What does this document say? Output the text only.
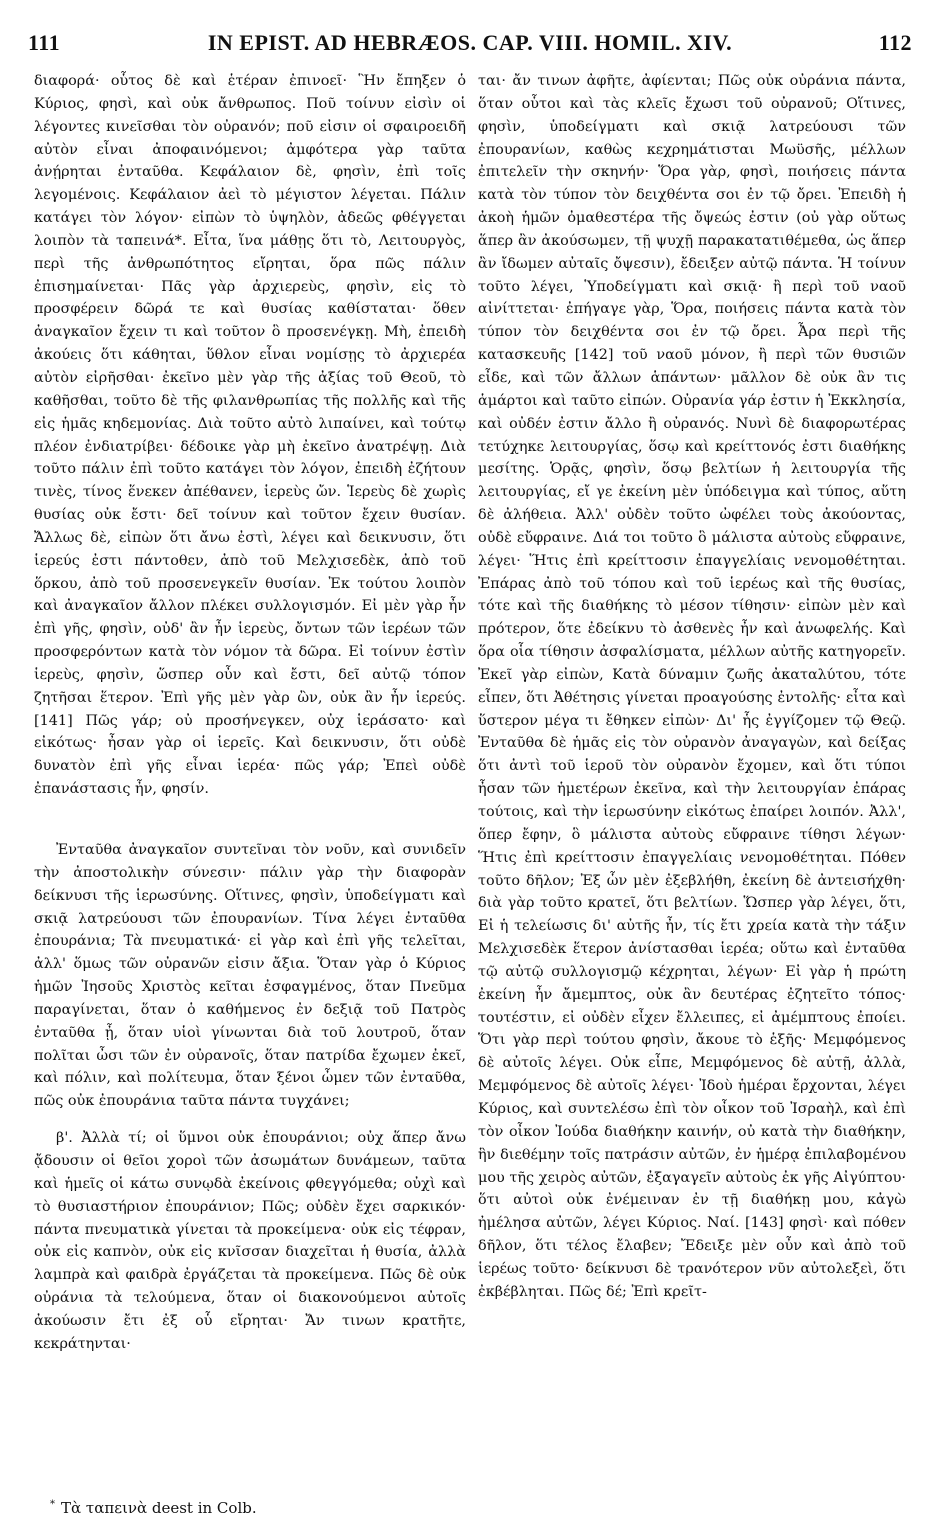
111	IN EPIST. AD HEBRÆOS. CAP. VIII. HOMIL. XIV.	112

διαφορά· οὗτος δὲ καὶ ἑτέραν ἐπινοεῖ· Ἣν ἔπηξεν ὁ Κύριος, φησὶ, καὶ οὐκ ἄνθρωπος. Ποῦ τοίνυν εἰσὶν οἱ λέγοντες κινεῖσθαι τὸν οὐρανόν; ποῦ εἰσιν οἱ σφαιροειδῆ αὐτὸν εἶναι ἀποφαινόμενοι; ἀμφότερα γὰρ ταῦτα ἀνῄρηται ἐνταῦθα. Κεφάλαιον δὲ, φησὶν, ἐπὶ τοῖς λεγομένοις. Κεφάλαιον ἀεὶ τὸ μέγιστον λέγεται. Πάλιν κατάγει τὸν λόγον· εἰπὼν τὸ ὑψηλὸν, ἀδεῶς φθέγγεται λοιπὸν τὰ ταπεινά*. Εἶτα, ἵνα μάθῃς ὅτι τὸ, Λειτουργὸς, περὶ τῆς ἀνθρωπότητος εἴρηται, ὅρα πῶς πάλιν ἐπισημαίνεται· Πᾶς γὰρ ἀρχιερεὺς, φησὶν, εἰς τὸ προσφέρειν δῶρά τε καὶ θυσίας καθίσταται· ὅθεν ἀναγκαῖον ἔχειν τι καὶ τοῦτον ὃ προσενέγκῃ. Μὴ, ἐπειδὴ ἀκούεις ὅτι κάθηται, ὕθλον εἶναι νομίσῃς τὸ ἀρχιερέα αὐτὸν εἰρῆσθαι· ἐκεῖνο μὲν γὰρ τῆς ἀξίας τοῦ Θεοῦ, τὸ καθῆσθαι, τοῦτο δὲ τῆς φιλανθρωπίας τῆς πολλῆς καὶ τῆς εἰς ἡμᾶς κηδεμονίας. Διὰ τοῦτο αὐτὸ λιπαίνει, καὶ τούτῳ πλέον ἐνδιατρίβει· δέδοικε γὰρ μὴ ἐκεῖνο ἀνατρέψῃ. Διὰ τοῦτο πάλιν ἐπὶ τοῦτο κατάγει τὸν λόγον, ἐπειδὴ ἐζήτουν τινὲς, τίνος ἕνεκεν ἀπέθανεν, ἱερεὺς ὤν. Ἱερεὺς δὲ χωρὶς θυσίας οὐκ ἔστι· δεῖ τοίνυν καὶ τοῦτον ἔχειν θυσίαν. Ἄλλως δὲ, εἰπὼν ὅτι ἄνω ἐστὶ, λέγει καὶ δεικνυσιν, ὅτι ἱερεύς ἐστι πάντοθεν, ἀπὸ τοῦ Μελχισεδὲκ, ἀπὸ τοῦ ὅρκου, ἀπὸ τοῦ προσενεγκεῖν θυσίαν. Ἐκ τούτου λοιπὸν καὶ ἀναγκαῖον ἄλλον πλέκει συλλογισμόν. Εἰ μὲν γὰρ ἦν ἐπὶ γῆς, φησὶν, οὐδ' ἂν ἦν ἱερεὺς, ὄντων τῶν ἱερέων τῶν προσφερόντων κατὰ τὸν νόμον τὰ δῶρα. Εἰ τοίνυν ἐστὶν ἱερεὺς, φησὶν, ὥσπερ οὖν καὶ ἔστι, δεῖ αὐτῷ τόπον ζητῆσαι ἕτερον. Ἐπὶ γῆς μὲν γὰρ ὢν, οὐκ ἂν ἦν ἱερεύς. [141] Πῶς γάρ; οὐ προσήνεγκεν, οὐχ ἱεράσατο· καὶ εἰκότως· ἦσαν γὰρ οἱ ἱερεῖς. Καὶ δεικνυσιν, ὅτι οὐδὲ δυνατὸν ἐπὶ γῆς εἶναι ἱερέα· πῶς γάρ; Ἐπεὶ οὐδὲ ἐπανάστασις ἦν, φησίν.

Ἐνταῦθα ἀναγκαῖον συντεῖναι τὸν νοῦν, καὶ συνιδεῖν τὴν ἀποστολικὴν σύνεσιν· πάλιν γὰρ τὴν διαφορὰν δείκνυσι τῆς ἱερωσύνης. Οἵτινες, φησὶν, ὑποδείγματι καὶ σκιᾷ λατρεύουσι τῶν ἐπουρανίων. Τίνα λέγει ἐνταῦθα ἐπουράνια; Τὰ πνευματικά· εἰ γὰρ καὶ ἐπὶ γῆς τελεῖται, ἀλλ' ὅμως τῶν οὐρανῶν εἰσιν ἄξια. Ὅταν γὰρ ὁ Κύριος ἡμῶν Ἰησοῦς Χριστὸς κεῖται ἐσφαγμένος, ὅταν Πνεῦμα παραγίνεται, ὅταν ὁ καθήμενος ἐν δεξιᾷ τοῦ Πατρὸς ἐνταῦθα ᾖ, ὅταν υἱοὶ γίνωνται διὰ τοῦ λουτροῦ, ὅταν πολῖται ὦσι τῶν ἐν οὐρανοῖς, ὅταν πατρίδα ἔχωμεν ἐκεῖ, καὶ πόλιν, καὶ πολίτευμα, ὅταν ξένοι ὦμεν τῶν ἐνταῦθα, πῶς οὐκ ἐπουράνια ταῦτα πάντα τυγχάνει;

β'. Ἀλλὰ τί; οἱ ὕμνοι οὐκ ἐπουράνιοι; οὐχ ἅπερ ἄνω ᾄδουσιν οἱ θεῖοι χοροὶ τῶν ἀσωμάτων δυνάμεων, ταῦτα καὶ ἡμεῖς οἱ κάτω συνῳδὰ ἐκείνοις φθεγγόμεθα; οὐχὶ καὶ τὸ θυσιαστήριον ἐπουράνιον; Πῶς; οὐδὲν ἔχει σαρκικόν· πάντα πνευματικὰ γίνεται τὰ προκείμενα· οὐκ εἰς τέφραν, οὐκ εἰς καπνὸν, οὐκ εἰς κνῖσσαν διαχεῖται ἡ θυσία, ἀλλὰ λαμπρὰ καὶ φαιδρὰ ἐργάζεται τὰ προκείμενα. Πῶς δὲ οὐκ οὐράνια τὰ τελούμενα, ὅταν οἱ διακονούμενοι αὐτοῖς ἀκούωσιν ἔτι ἐξ οὗ εἴρηται· Ἄν τινων κρατῆτε, κεκράτηνται·

ται· ἄν τινων ἀφῆτε, ἀφίενται; Πῶς οὐκ οὐράνια πάντα, ὅταν οὗτοι καὶ τὰς κλεῖς ἔχωσι τοῦ οὐρανοῦ; Οἵτινες, φησὶν, ὑποδείγματι καὶ σκιᾷ λατρεύουσι τῶν ἐπουρανίων, καθὼς κεχρημάτισται Μωϋσῆς, μέλλων ἐπιτελεῖν τὴν σκηνήν· Ὅρα γὰρ, φησὶ, ποιήσεις πάντα κατὰ τὸν τύπον τὸν δειχθέντα σοι ἐν τῷ ὄρει. Ἐπειδὴ ἡ ἀκοὴ ἡμῶν ὀμαθεστέρα τῆς ὄψεώς ἐστιν (οὐ γὰρ οὕτως ἅπερ ἂν ἀκούσωμεν, τῇ ψυχῇ παρακατατιθέμεθα, ὡς ἅπερ ἂν ἴδωμεν αὐταῖς ὄψεσιν), ἔδειξεν αὐτῷ πάντα. Ἡ τοίνυν τοῦτο λέγει, Ὑποδείγματι καὶ σκιᾷ· ἢ περὶ τοῦ ναοῦ αἰνίττεται· ἐπήγαγε γὰρ, Ὅρα, ποιήσεις πάντα κατὰ τὸν τύπον τὸν δειχθέντα σοι ἐν τῷ ὄρει. Ἆρα περὶ τῆς κατασκευῆς [142] τοῦ ναοῦ μόνον, ἢ περὶ τῶν θυσιῶν εἶδε, καὶ τῶν ἄλλων ἁπάντων· μᾶλλον δὲ οὐκ ἂν τις ἁμάρτοι καὶ ταῦτο εἰπών. Οὐρανία γάρ ἐστιν ἡ Ἐκκλησία, καὶ οὐδέν ἐστιν ἄλλο ἢ οὐρανός. Νυνὶ δὲ διαφορωτέρας τετύχηκε λειτουργίας, ὅσῳ καὶ κρείττονός ἐστι διαθήκης μεσίτης. Ὁρᾷς, φησὶν, ὅσῳ βελτίων ἡ λειτουργία τῆς λειτουργίας, εἴ γε ἐκείνη μὲν ὑπόδειγμα καὶ τύπος, αὕτη δὲ ἀλήθεια. Ἀλλ' οὐδὲν τοῦτο ὠφέλει τοὺς ἀκούοντας, οὐδὲ εὔφραινε. Διά τοι τοῦτο ὃ μάλιστα αὐτοὺς εὔφραινε, λέγει· Ἥτις ἐπὶ κρείττοσιν ἐπαγγελίαις νενομοθέτηται. Ἐπάρας ἀπὸ τοῦ τόπου καὶ τοῦ ἱερέως καὶ τῆς θυσίας, τότε καὶ τῆς διαθήκης τὸ μέσον τίθησιν· εἰπὼν μὲν καὶ πρότερον, ὅτε ἐδείκνυ τὸ ἀσθενὲς ἦν καὶ ἀνωφελής. Καὶ ὅρα οἷα τίθησιν ἀσφαλίσματα, μέλλων αὐτῆς κατηγορεῖν. Ἐκεῖ γὰρ εἰπὼν, Κατὰ δύναμιν ζωῆς ἀκαταλύτου, τότε εἶπεν, ὅτι Ἀθέτησις γίνεται προαγούσης ἐντολῆς· εἶτα καὶ ὕστερον μέγα τι ἔθηκεν εἰπὼν· Δι' ἧς ἐγγίζομεν τῷ Θεῷ. Ἐνταῦθα δὲ ἡμᾶς εἰς τὸν οὐρανὸν ἀναγαγὼν, καὶ δείξας ὅτι ἀντὶ τοῦ ἱεροῦ τὸν οὐρανὸν ἔχομεν, καὶ ὅτι τύποι ἦσαν τῶν ἡμετέρων ἐκεῖνα, καὶ τὴν λειτουργίαν ἐπάρας τούτοις, καὶ τὴν ἱερωσύνην εἰκότως ἐπαίρει λοιπόν. Ἀλλ', ὅπερ ἔφην, ὃ μάλιστα αὐτοὺς εὔφραινε τίθησι λέγων· Ἥτις ἐπὶ κρείττοσιν ἐπαγγελίαις νενομοθέτηται. Πόθεν τοῦτο δῆλον; Ἐξ ὧν μὲν ἐξεβλήθη, ἐκείνη δὲ ἀντεισήχθη· διὰ γὰρ τοῦτο κρατεῖ, ὅτι βελτίων. Ὥσπερ γὰρ λέγει, ὅτι, Εἰ ἡ τελείωσις δι' αὐτῆς ἦν, τίς ἔτι χρεία κατὰ τὴν τάξιν Μελχισεδὲκ ἕτερον ἀνίστασθαι ἱερέα; οὕτω καὶ ἐνταῦθα τῷ αὐτῷ συλλογισμῷ κέχρηται, λέγων· Εἰ γὰρ ἡ πρώτη ἐκείνη ἦν ἄμεμπτος, οὐκ ἂν δευτέρας ἐζητεῖτο τόπος· τουτέστιν, εἰ οὐδὲν εἶχεν ἔλλειπες, εἰ ἀμέμπτους ἐποίει. Ὅτι γὰρ περὶ τούτου φησὶν, ἄκουε τὸ ἑξῆς· Μεμφόμενος δὲ αὐτοῖς λέγει. Οὐκ εἶπε, Μεμφόμενος δὲ αὐτῇ, ἀλλὰ, Μεμφόμενος δὲ αὐτοῖς λέγει· Ἰδοὺ ἡμέραι ἔρχονται, λέγει Κύριος, καὶ συντελέσω ἐπὶ τὸν οἶκον τοῦ Ἰσραὴλ, καὶ ἐπὶ τὸν οἶκον Ἰούδα διαθήκην καινήν, οὐ κατὰ τὴν διαθήκην, ἣν διεθέμην τοῖς πατράσιν αὐτῶν, ἐν ἡμέρᾳ ἐπιλαβομένου μου τῆς χειρὸς αὐτῶν, ἐξαγαγεῖν αὐτοὺς ἐκ γῆς Αἰγύπτου· ὅτι αὐτοὶ οὐκ ἐνέμειναν ἐν τῇ διαθήκῃ μου, κἀγὼ ἠμέλησα αὐτῶν, λέγει Κύριος. Ναί. [143] φησὶ· καὶ πόθεν δῆλον, ὅτι τέλος ἔλαβεν; Ἔδειξε μὲν οὖν καὶ ἀπὸ τοῦ ἱερέως τοῦτο· δείκνυσι δὲ τρανότερον νῦν αὐτολεξεὶ, ὅτι ἐκβέβληται. Πῶς δέ; Ἐπὶ κρεῖτ-

* Τὰ ταπεινὰ deest in Colb.
